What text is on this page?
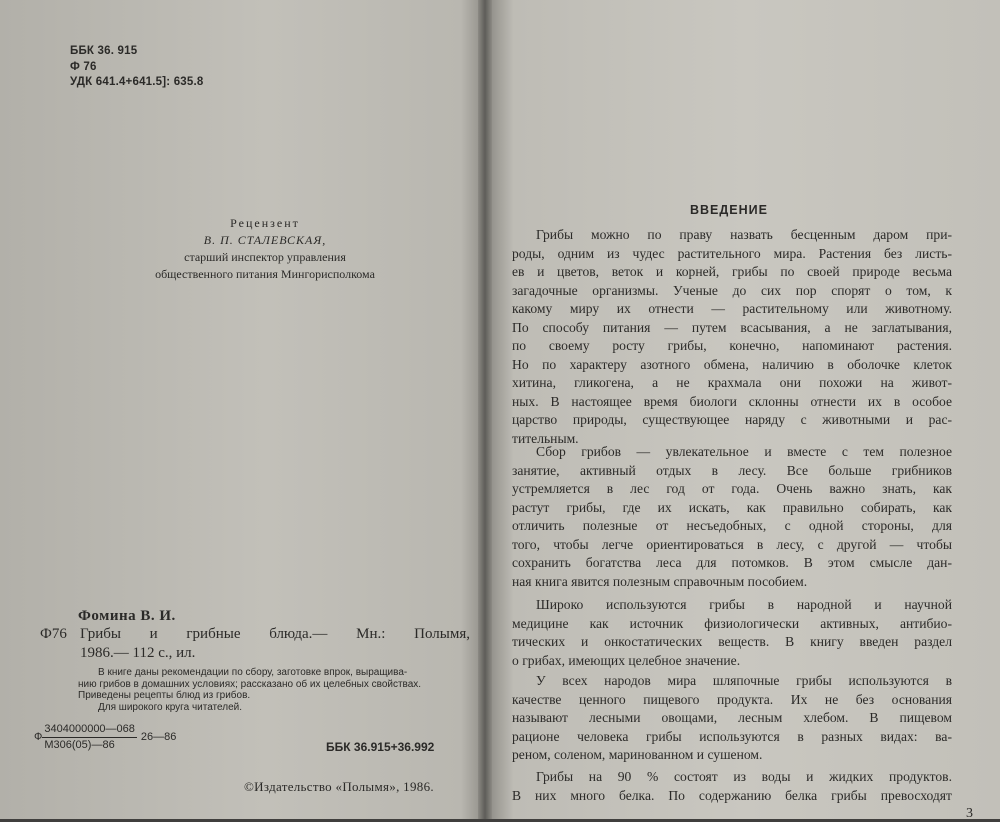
ББК 36. 915
Ф 76
УДК 641.4+641.5]: 635.8
Рецензент
В. П. СТАЛЕВСКАЯ,
старший инспектор управления
общественного питания Мингорисполкома
Фомина В. И.
Ф76 Грибы и грибные блюда.— Мн.: Полымя,
1986.— 112 с., ил.
В книге даны рекомендации по сбору, заготовке впрок, выращива-
нию грибов в домашних условиях; рассказано об их целебных свойствах.
Приведены рецепты блюд из грибов.
Для широкого круга читателей.
Ф $\frac{3404000000—068}{М306(05)—86}$ 26—86
ББК 36.915+36.992
©Издательство «Полымя», 1986.
ВВЕДЕНИЕ
Грибы можно по праву назвать бесценным даром при-
роды, одним из чудес растительного мира. Растения без листь-
ев и цветов, веток и корней, грибы по своей природе весьма
загадочные организмы. Ученые до сих пор спорят о том, к
какому миру их отнести — растительному или животному.
По способу питания — путем всасывания, а не заглатывания,
по своему росту грибы, конечно, напоминают растения.
Но по характеру азотного обмена, наличию в оболочке клеток
хитина, гликогена, а не крахмала они похожи на живот-
ных. В настоящее время биологи склонны отнести их в особое
царство природы, существующее наряду с животными и рас-
тительным.
Сбор грибов — увлекательное и вместе с тем полезное
занятие, активный отдых в лесу. Все больше грибников
устремляется в лес год от года. Очень важно знать, как
растут грибы, где их искать, как правильно собирать, как
отличить полезные от несъедобных, с одной стороны, для
того, чтобы легче ориентироваться в лесу, с другой — чтобы
сохранить богатства леса для потомков. В этом смысле дан-
ная книга явится полезным справочным пособием.
Широко используются грибы в народной и научной
медицине как источник физиологически активных, антибио-
тических и онкостатических веществ. В книгу введен раздел
о грибах, имеющих целебное значение.
У всех народов мира шляпочные грибы используются в
качестве ценного пищевого продукта. Их не без основания
называют лесными овощами, лесным хлебом. В пищевом
рационе человека грибы используются в разных видах: ва-
реном, соленом, маринованном и сушеном.
Грибы на 90 % состоят из воды и жидких продуктов.
В них много белка. По содержанию белка грибы превосходят
3
